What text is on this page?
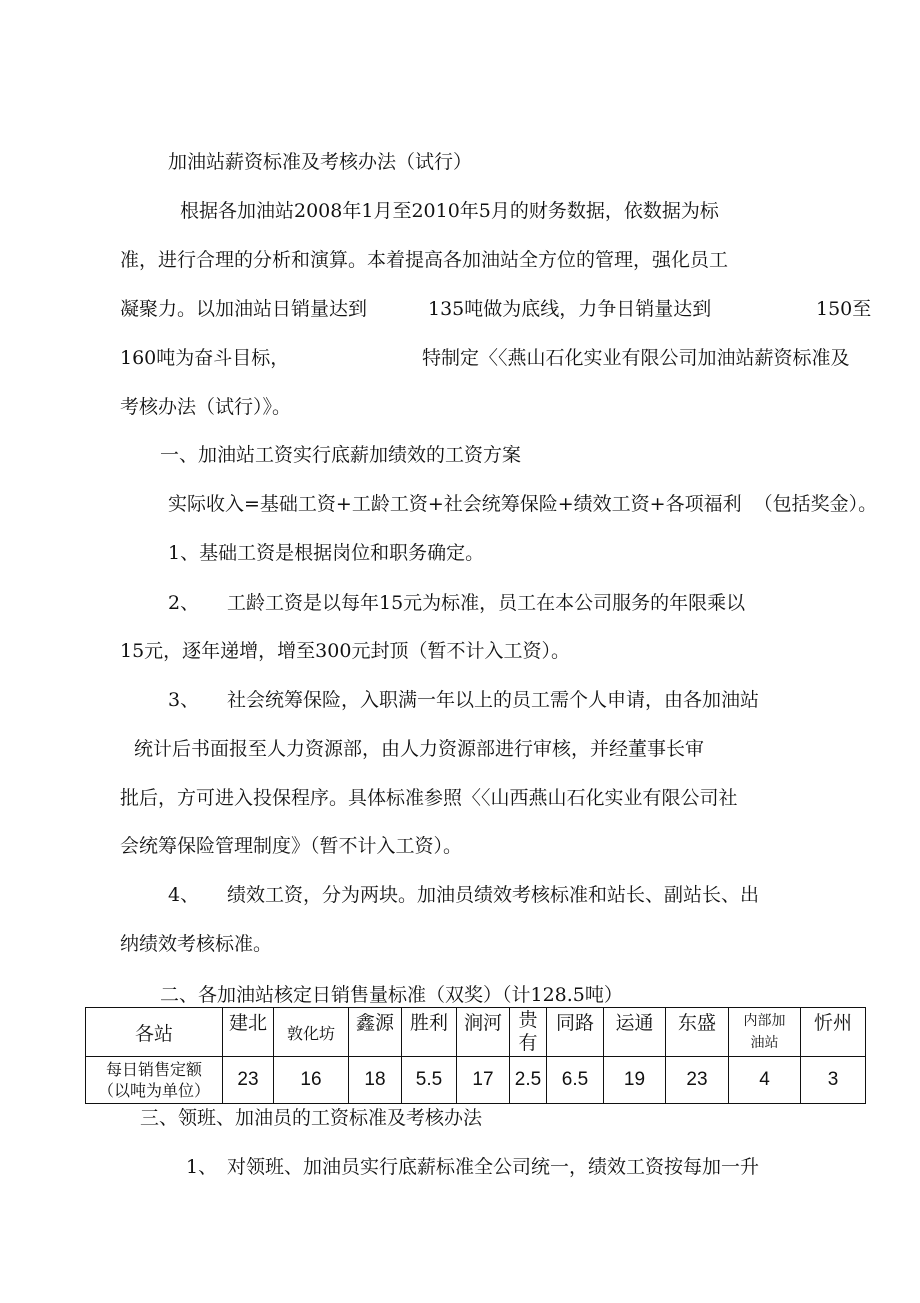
加油站薪资标准及考核办法（试行）
根据各加油站2008年1月至2010年5月的财务数据，依数据为标
准，进行合理的分析和演算。本着提高各加油站全方位的管理，强化员工
凝聚力。以加油站日销量达到	135吨做为底线，力争日销量达到	150至
160吨为奋斗目标，	特制定〈〈燕山石化实业有限公司加油站薪资标准及
考核办法（试行）》。
一、加油站工资实行底薪加绩效的工资方案
实际收入=基础工资+工龄工资+社会统筹保险+绩效工资+各项福利  （包括奖金）。
1、基础工资是根据岗位和职务确定。
2、 工龄工资是以每年15元为标准，员工在本公司服务的年限乘以
15元，逐年递增，增至300元封顶（暂不计入工资）。
3、 社会统筹保险，入职满一年以上的员工需个人申请，由各加油站
统计后书面报至人力资源部，由人力资源部进行审核，并经董事长审
批后，方可进入投保程序。具体标准参照〈〈山西燕山石化实业有限公司社
会统筹保险管理制度》（暂不计入工资）。
4、 绩效工资，分为两块。加油员绩效考核标准和站长、副站长、出
纳绩效考核标准。
二、各加油站核定日销售量标准（双奖）（计128.5吨）
各站	建北	敦化坊	鑫源	胜利	涧河	贵有	同路	运通	东盛	内部加油站	忻州

每日销售定额
（以吨为单位）	23	16	18	5.5	17	2.5	6.5	19	23	4	3
三、领班、加油员的工资标准及考核办法
1、 对领班、加油员实行底薪标准全公司统一，绩效工资按每加一升
